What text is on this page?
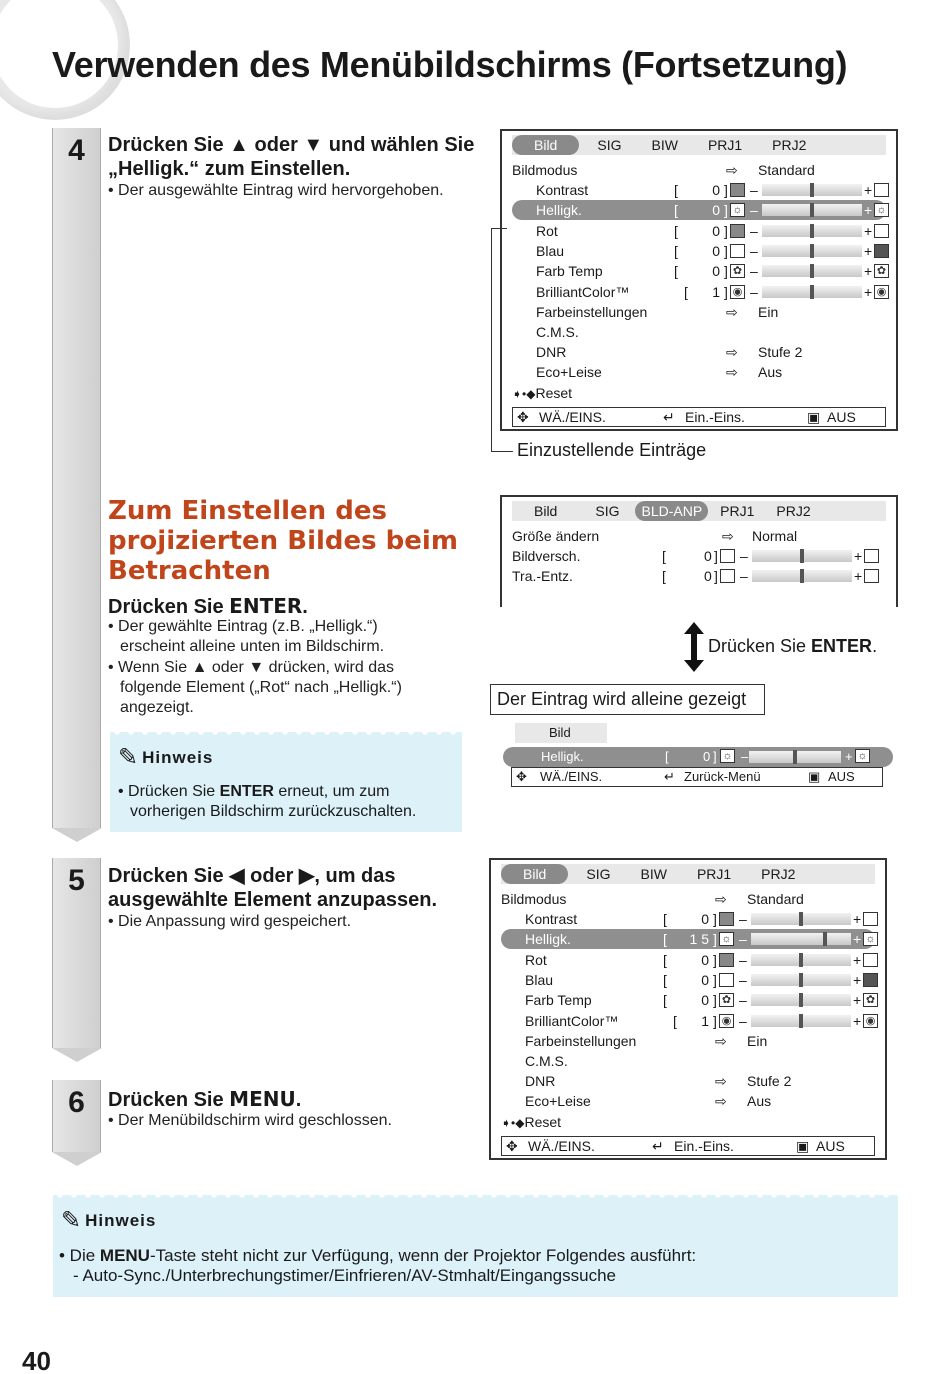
Verwenden des Menübildschirms (Fortsetzung)
4	Drücken Sie ▲ oder ▼ und wählen Sie „Helligk.“ zum Einstellen.
• Der ausgewählte Eintrag wird hervorgehoben.
Zum Einstellen des projizierten Bildes beim Betrachten
Drücken Sie ENTER.
• Der gewählte Eintrag (z.B. „Helligk.“) erscheint alleine unten im Bildschirm.
• Wenn Sie ▲ oder ▼ drücken, wird das folgende Element („Rot“ nach „Helligk.“) angezeigt.
✎ Hinweis
• Drücken Sie ENTER erneut, um zum vorherigen Bildschirm zurückzuschalten.
5	Drücken Sie ◀ oder ▶, um das ausgewählte Element anzupassen.
• Die Anpassung wird gespeichert.
6	Drücken Sie MENU.
• Der Menübildschirm wird geschlossen.
Bild	SIG	BIW	PRJ1	PRJ2
Bildmodus	⇨ Standard
Kontrast	[ 0 ] –	+
Helligk.	[ 0 ] ☼ –	+ ☼
Rot	[ 0 ] –	+
Blau	[ 0 ] –	+
Farb Temp	[ 0 ] ✿ –	+ ✿
BrilliantColor™	[ 1 ] ◉ –	+ ◉
Farbeinstellungen	⇨ Ein
C.M.S.
DNR	⇨ Stufe 2
Eco+Leise	⇨ Aus
➧•◆Reset
✥ WÄ./EINS.	↵ Ein.-Eins.	▣ AUS
Einzustellende Einträge
Bild	SIG	BLD-ANP	PRJ1	PRJ2
Größe ändern	⇨ Normal
Bildversch.	[	0 ] –	+
Tra.-Entz.	[	0 ] –	+
Drücken Sie ENTER.
Der Eintrag wird alleine gezeigt
Bild
Helligk.	[	0 ] ☼ –	+ ☼
✥ WÄ./EINS.	↵ Zurück-Menü	▣ AUS
Bild	SIG	BIW	PRJ1	PRJ2
Bildmodus	⇨ Standard
Kontrast	[ 0 ] –	+
Helligk.	[ 1 5 ] ☼ –	+ ☼
Rot	[ 0 ] –	+
Blau	[ 0 ] –	+
Farb Temp	[ 0 ] ✿ –	+ ✿
BrilliantColor™	[ 1 ] ◉ –	+ ◉
Farbeinstellungen	⇨ Ein
C.M.S.
DNR	⇨ Stufe 2
Eco+Leise	⇨ Aus
➧•◆Reset
✥ WÄ./EINS.	↵ Ein.-Eins.	▣ AUS
✎ Hinweis
• Die MENU-Taste steht nicht zur Verfügung, wenn der Projektor Folgendes ausführt:
- Auto-Sync./Unterbrechungstimer/Einfrieren/AV-Stmhalt/Eingangssuche
40
